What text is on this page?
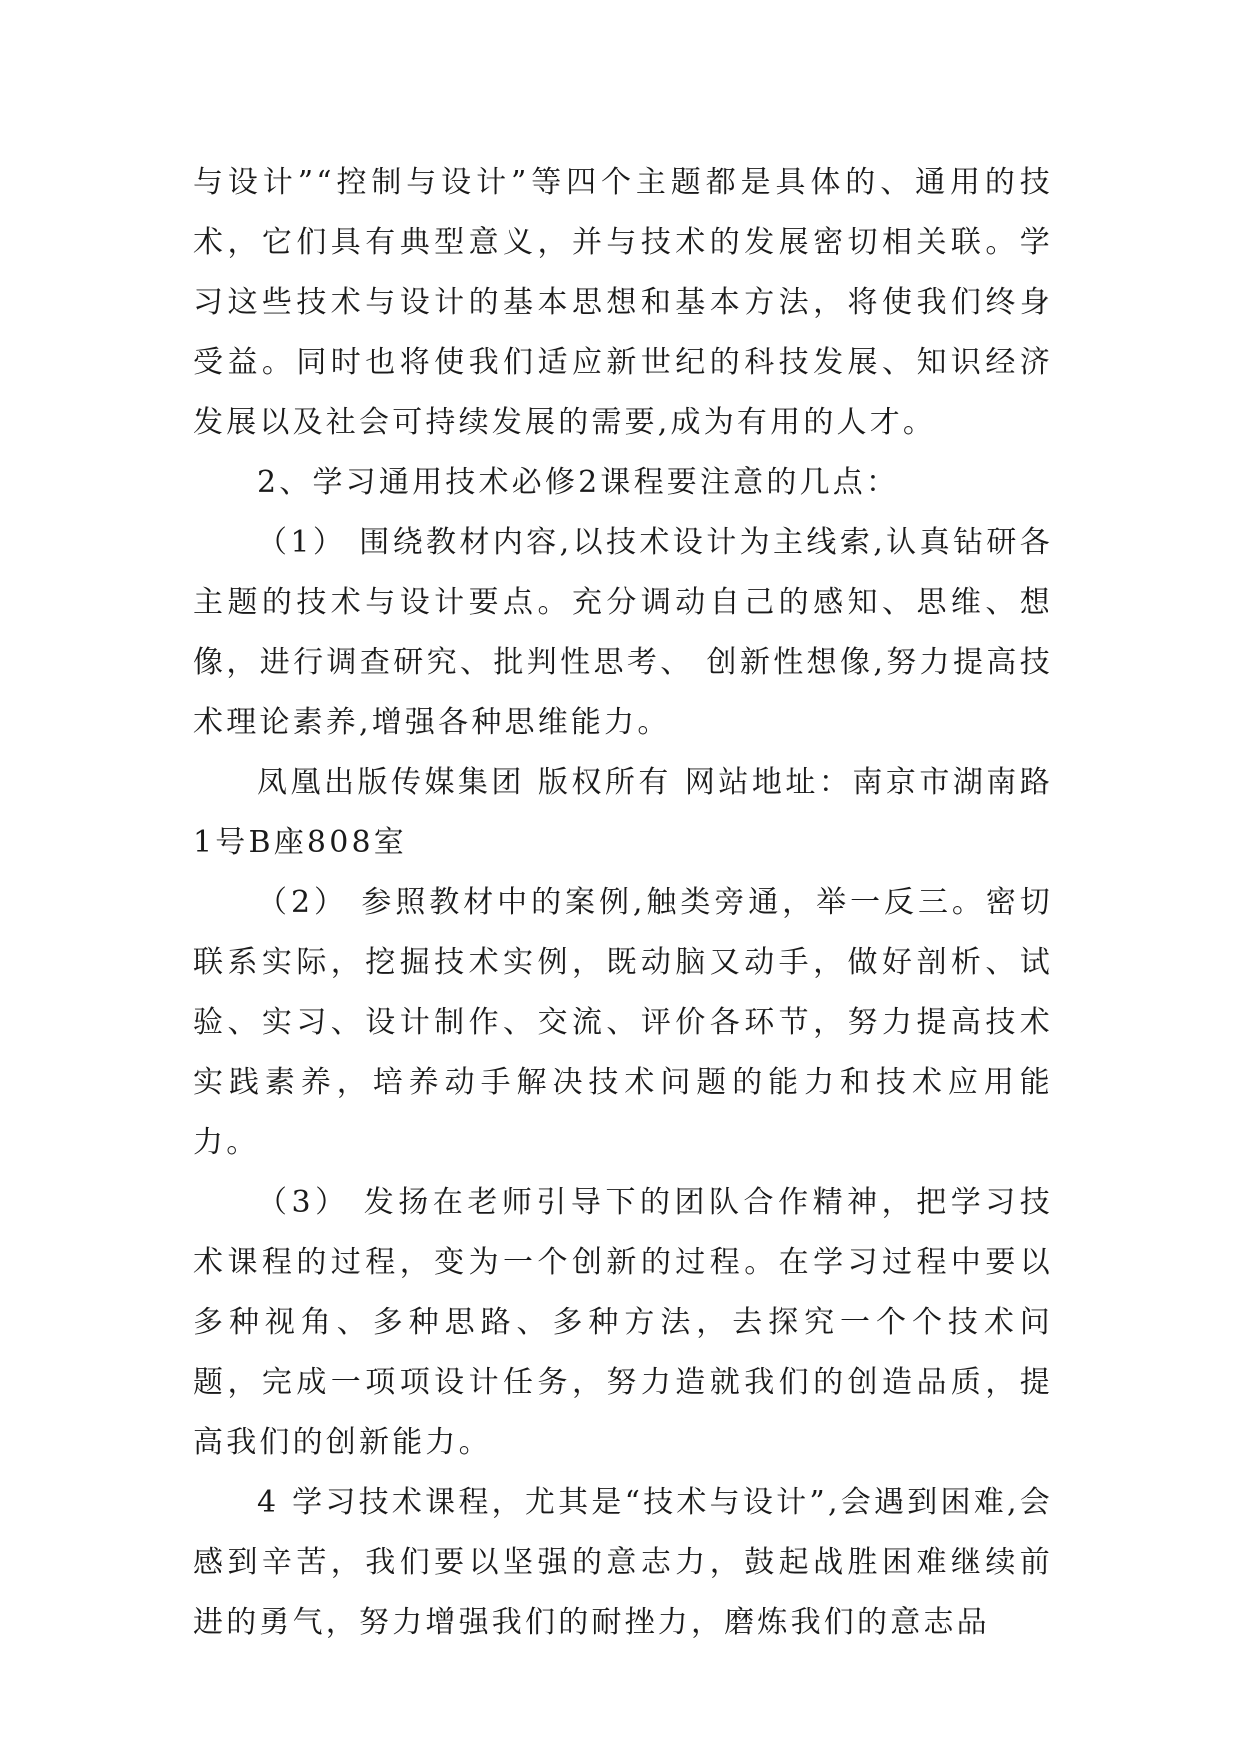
与设计”“控制与设计”等四个主题都是具体的、通用的技术，它们具有典型意义，并与技术的发展密切相关联。学习这些技术与设计的基本思想和基本方法，将使我们终身受益。同时也将使我们适应新世纪的科技发展、知识经济发展以及社会可持续发展的需要,成为有用的人才。

2、学习通用技术必修2课程要注意的几点：

（1） 围绕教材内容,以技术设计为主线索,认真钻研各主题的技术与设计要点。充分调动自己的感知、思维、想像，进行调查研究、批判性思考、 创新性想像,努力提高技术理论素养,增强各种思维能力。

凤凰出版传媒集团 版权所有 网站地址：南京市湖南路1号B座808室

（2） 参照教材中的案例,触类旁通，举一反三。密切联系实际，挖掘技术实例，既动脑又动手，做好剖析、试验、实习、设计制作、交流、评价各环节，努力提高技术实践素养，培养动手解决技术问题的能力和技术应用能力。

（3） 发扬在老师引导下的团队合作精神，把学习技术课程的过程，变为一个创新的过程。在学习过程中要以多种视角、多种思路、多种方法，去探究一个个技术问题，完成一项项设计任务，努力造就我们的创造品质，提高我们的创新能力。

4 学习技术课程，尤其是“技术与设计”,会遇到困难,会感到辛苦，我们要以坚强的意志力，鼓起战胜困难继续前进的勇气，努力增强我们的耐挫力，磨炼我们的意志品
